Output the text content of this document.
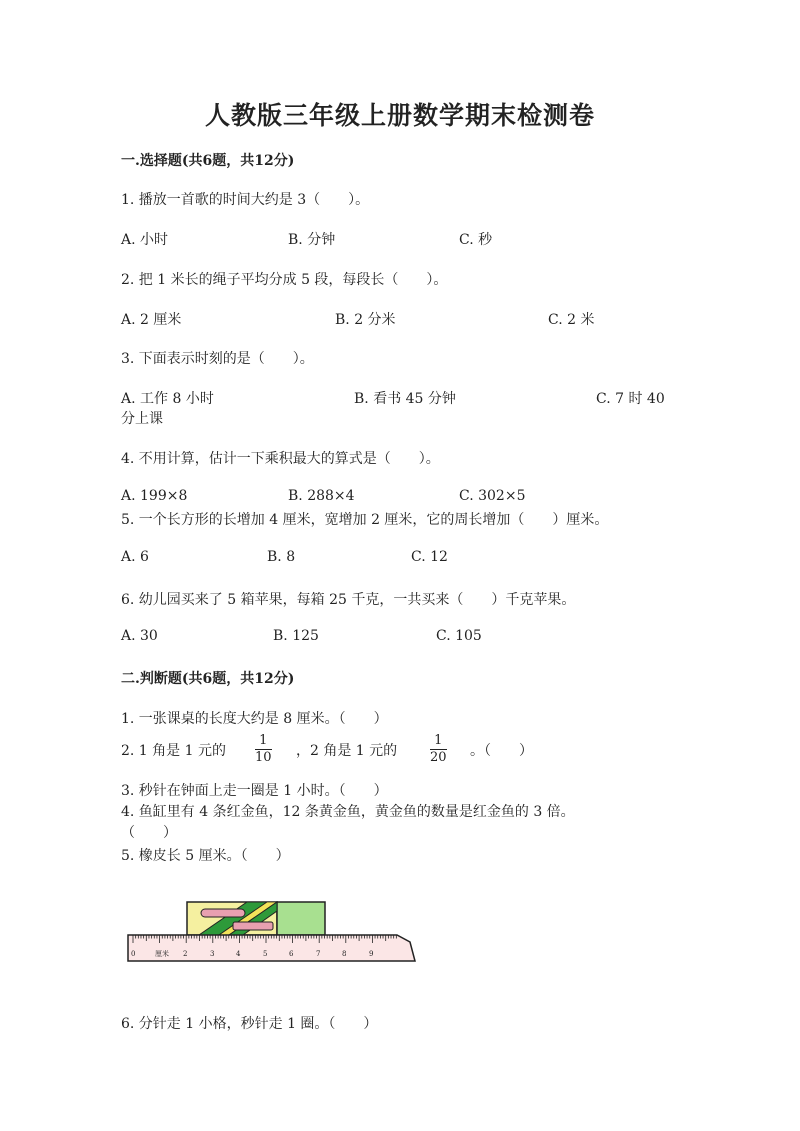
人教版三年级上册数学期末检测卷
一.选择题(共6题，共12分)
1. 播放一首歌的时间大约是 3（　　）。
A. 小时	B. 分钟	C. 秒
2. 把 1 米长的绳子平均分成 5 段，每段长（　　）。
A. 2 厘米	B. 2 分米	C. 2 米
3. 下面表示时刻的是（　　）。
A. 工作 8 小时	B. 看书 45 分钟	C. 7 时 40
分上课
4. 不用计算，估计一下乘积最大的算式是（　　）。
A. 199×8	B. 288×4	C. 302×5
5. 一个长方形的长增加 4 厘米，宽增加 2 厘米，它的周长增加（　　）厘米。
A. 6	B. 8	C. 12
6. 幼儿园买来了 5 箱苹果，每箱 25 千克，一共买来（　　）千克苹果。
A. 30	B. 125	C. 105
二.判断题(共6题，共12分)
1. 一张课桌的长度大约是 8 厘米。（　　）
2. 1 角是 1 元的
1
10 ，2 角是 1 元的
1
20 。（　　）
3. 秒针在钟面上走一圈是 1 小时。（　　）
4. 鱼缸里有 4 条红金鱼，12 条黄金鱼，黄金鱼的数量是红金鱼的 3 倍。
（　　）
5. 橡皮长 5 厘米。（　　）
厘米
0	2	3	4	5	6	7	8	9
6. 分针走 1 小格，秒针走 1 圈。（　　）
